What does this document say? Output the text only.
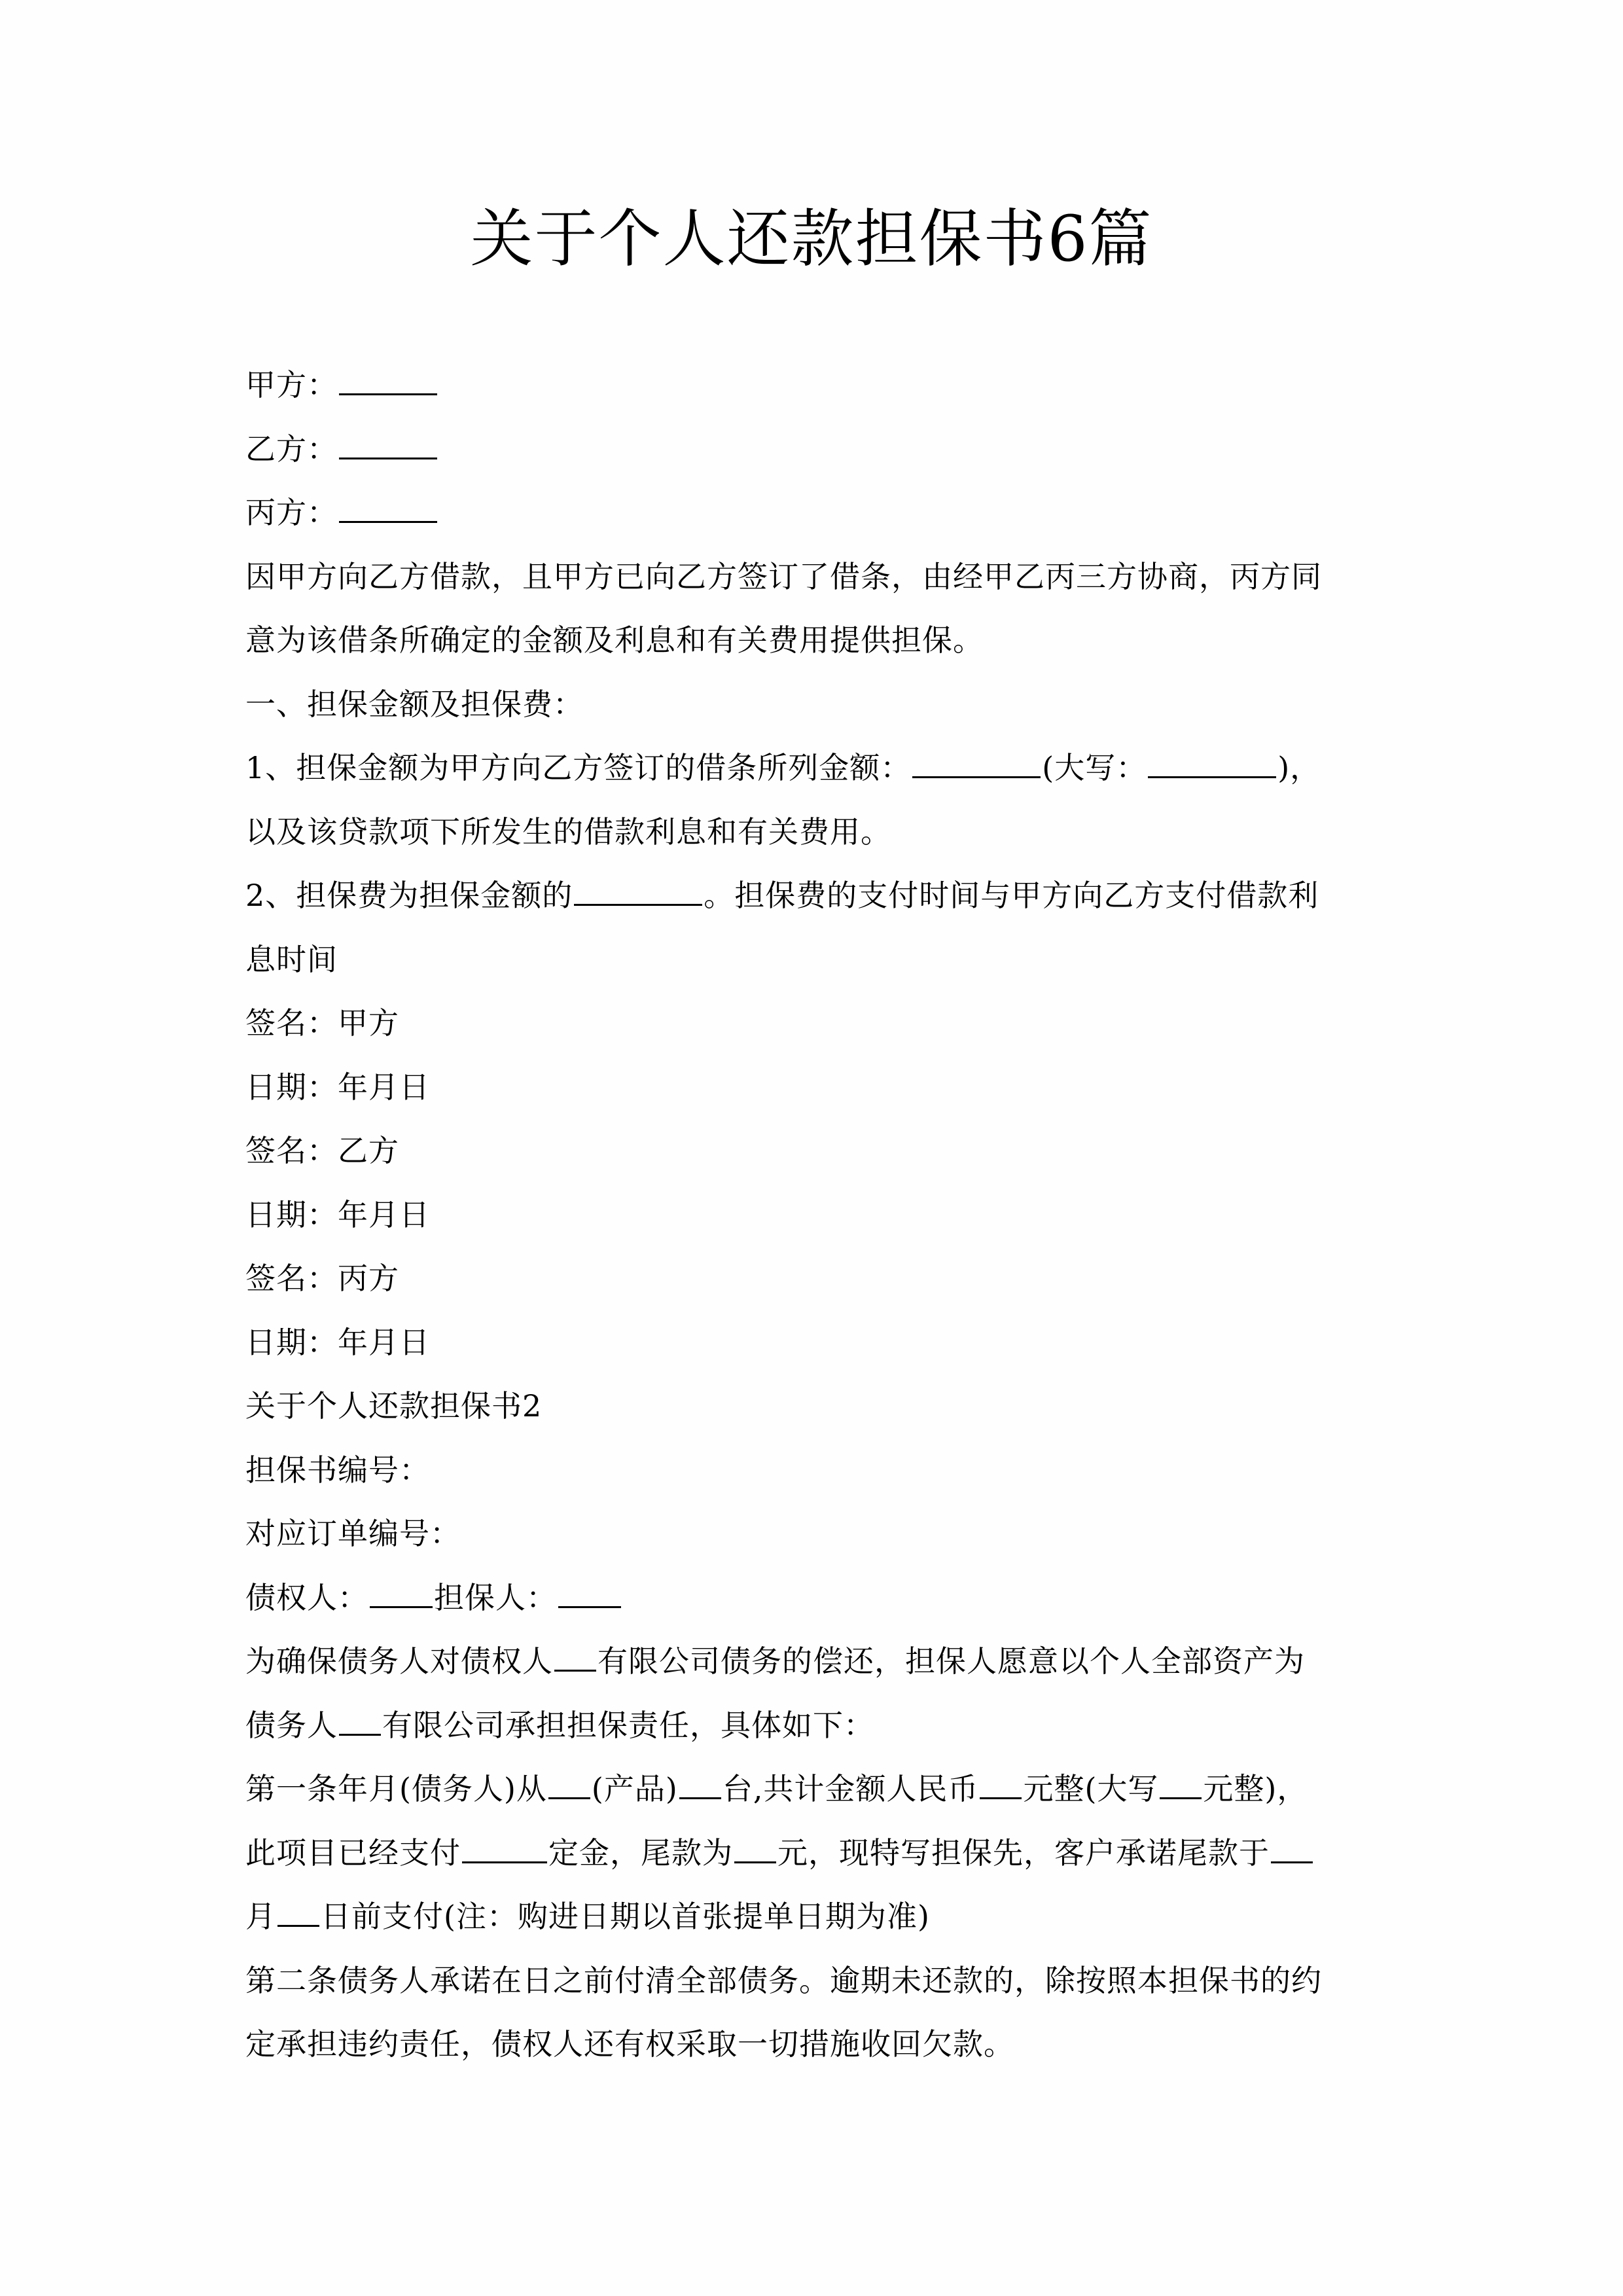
关于个人还款担保书6篇
甲方：
乙方：
丙方：
因甲方向乙方借款，且甲方已向乙方签订了借条，由经甲乙丙三方协商，丙方同
意为该借条所确定的金额及利息和有关费用提供担保。
一、担保金额及担保费：
1、担保金额为甲方向乙方签订的借条所列金额：	(大写：	)，
以及该贷款项下所发生的借款利息和有关费用。
2、担保费为担保金额的	。担保费的支付时间与甲方向乙方支付借款利
息时间
签名：甲方
日期：年月日
签名：乙方
日期：年月日
签名：丙方
日期：年月日
关于个人还款担保书2
担保书编号：
对应订单编号：
债权人： 担保人：
为确保债务人对债权人 有限公司债务的偿还，担保人愿意以个人全部资产为
债务人 有限公司承担担保责任，具体如下：
第一条年月(债务人)从 (产品) 台,共计金额人民币 元整(大写 元整)，
此项目已经支付	定金，尾款为 元，现特写担保先，客户承诺尾款于
月 日前支付(注：购进日期以首张提单日期为准)
第二条债务人承诺在日之前付清全部债务。逾期未还款的，除按照本担保书的约
定承担违约责任，债权人还有权采取一切措施收回欠款。
